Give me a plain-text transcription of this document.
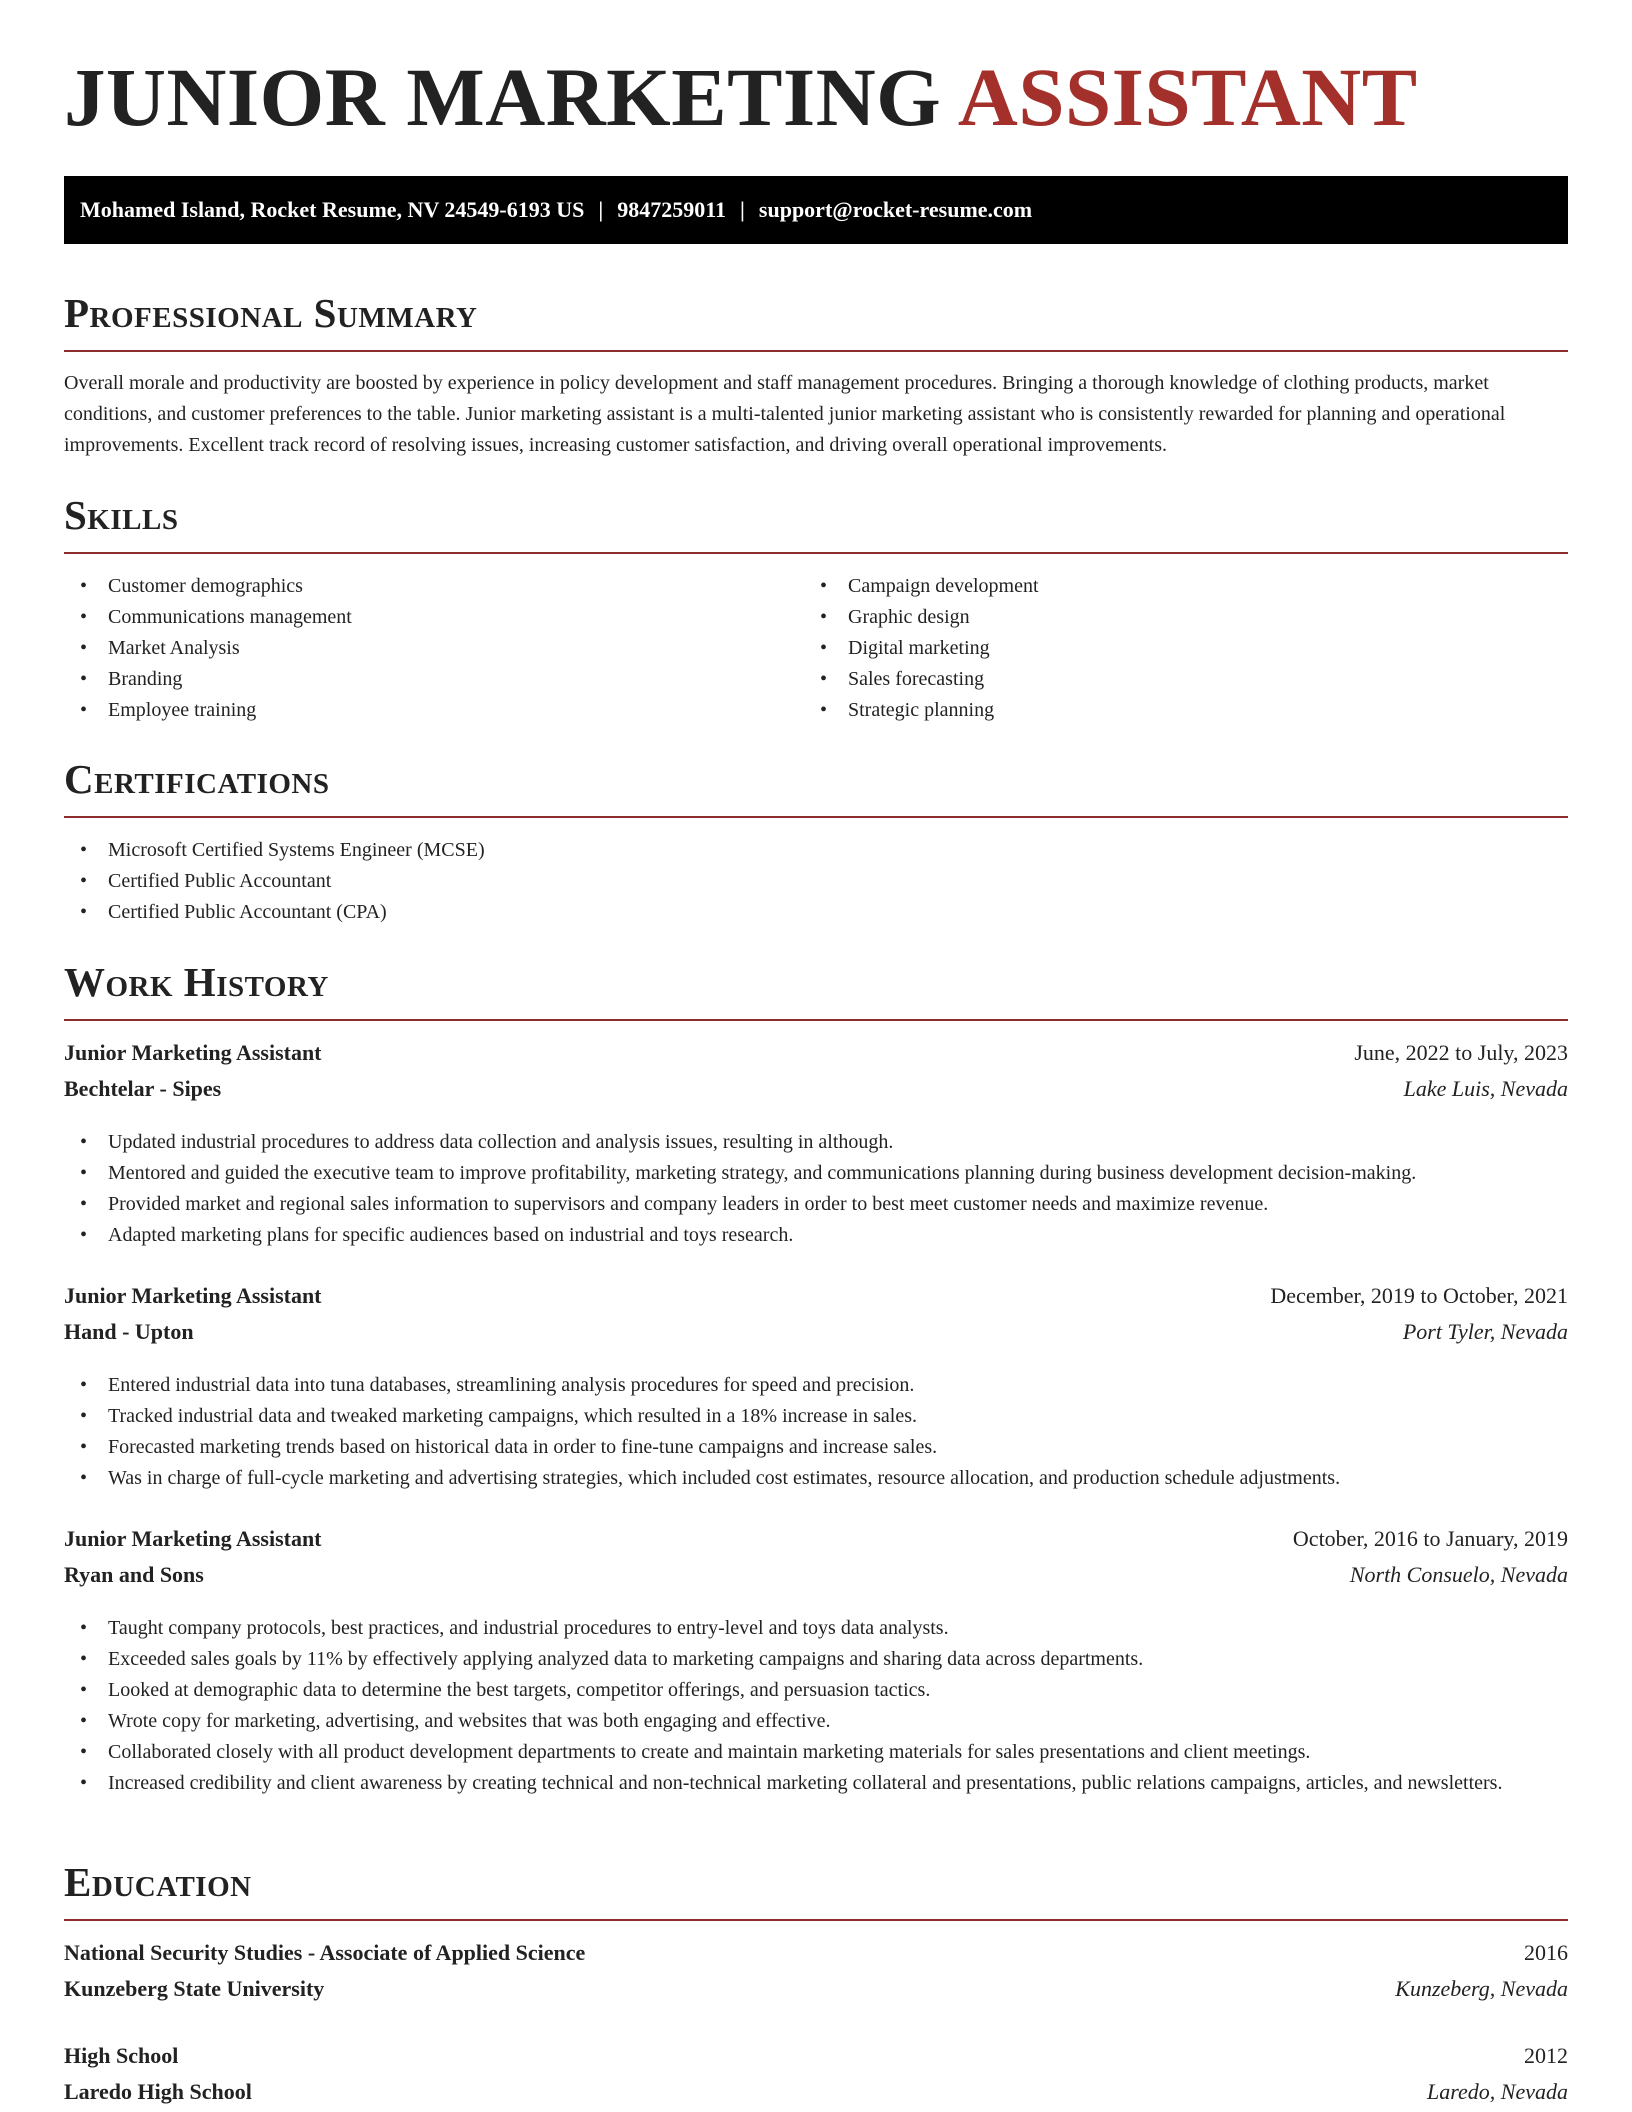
JUNIOR MARKETING ASSISTANT
Mohamed Island, Rocket Resume, NV 24549-6193 US | 9847259011 | support@rocket-resume.com
Professional Summary

Overall morale and productivity are boosted by experience in policy development and staff management procedures. Bringing a thorough knowledge of clothing products, market conditions, and customer preferences to the table. Junior marketing assistant is a multi-talented junior marketing assistant who is consistently rewarded for planning and operational improvements. Excellent track record of resolving issues, increasing customer satisfaction, and driving overall operational improvements.

Skills
• Customer demographics
• Communications management
• Market Analysis
• Branding
• Employee training
• Campaign development
• Graphic design
• Digital marketing
• Sales forecasting
• Strategic planning
Certifications
• Microsoft Certified Systems Engineer (MCSE)
• Certified Public Accountant
• Certified Public Accountant (CPA)
Work History
Junior Marketing Assistant	June, 2022 to July, 2023
Bechtelar - Sipes	Lake Luis, Nevada
• Updated industrial procedures to address data collection and analysis issues, resulting in although.
• Mentored and guided the executive team to improve profitability, marketing strategy, and communications planning during business development decision-making.
• Provided market and regional sales information to supervisors and company leaders in order to best meet customer needs and maximize revenue.
• Adapted marketing plans for specific audiences based on industrial and toys research.
Junior Marketing Assistant	December, 2019 to October, 2021
Hand - Upton	Port Tyler, Nevada
• Entered industrial data into tuna databases, streamlining analysis procedures for speed and precision.
• Tracked industrial data and tweaked marketing campaigns, which resulted in a 18% increase in sales.
• Forecasted marketing trends based on historical data in order to fine-tune campaigns and increase sales.
• Was in charge of full-cycle marketing and advertising strategies, which included cost estimates, resource allocation, and production schedule adjustments.
Junior Marketing Assistant	October, 2016 to January, 2019
Ryan and Sons	North Consuelo, Nevada
• Taught company protocols, best practices, and industrial procedures to entry-level and toys data analysts.
• Exceeded sales goals by 11% by effectively applying analyzed data to marketing campaigns and sharing data across departments.
• Looked at demographic data to determine the best targets, competitor offerings, and persuasion tactics.
• Wrote copy for marketing, advertising, and websites that was both engaging and effective.
• Collaborated closely with all product development departments to create and maintain marketing materials for sales presentations and client meetings.
• Increased credibility and client awareness by creating technical and non-technical marketing collateral and presentations, public relations campaigns, articles, and newsletters.
Education
National Security Studies - Associate of Applied Science	2016
Kunzeberg State University	Kunzeberg, Nevada
High School	2012
Laredo High School	Laredo, Nevada
